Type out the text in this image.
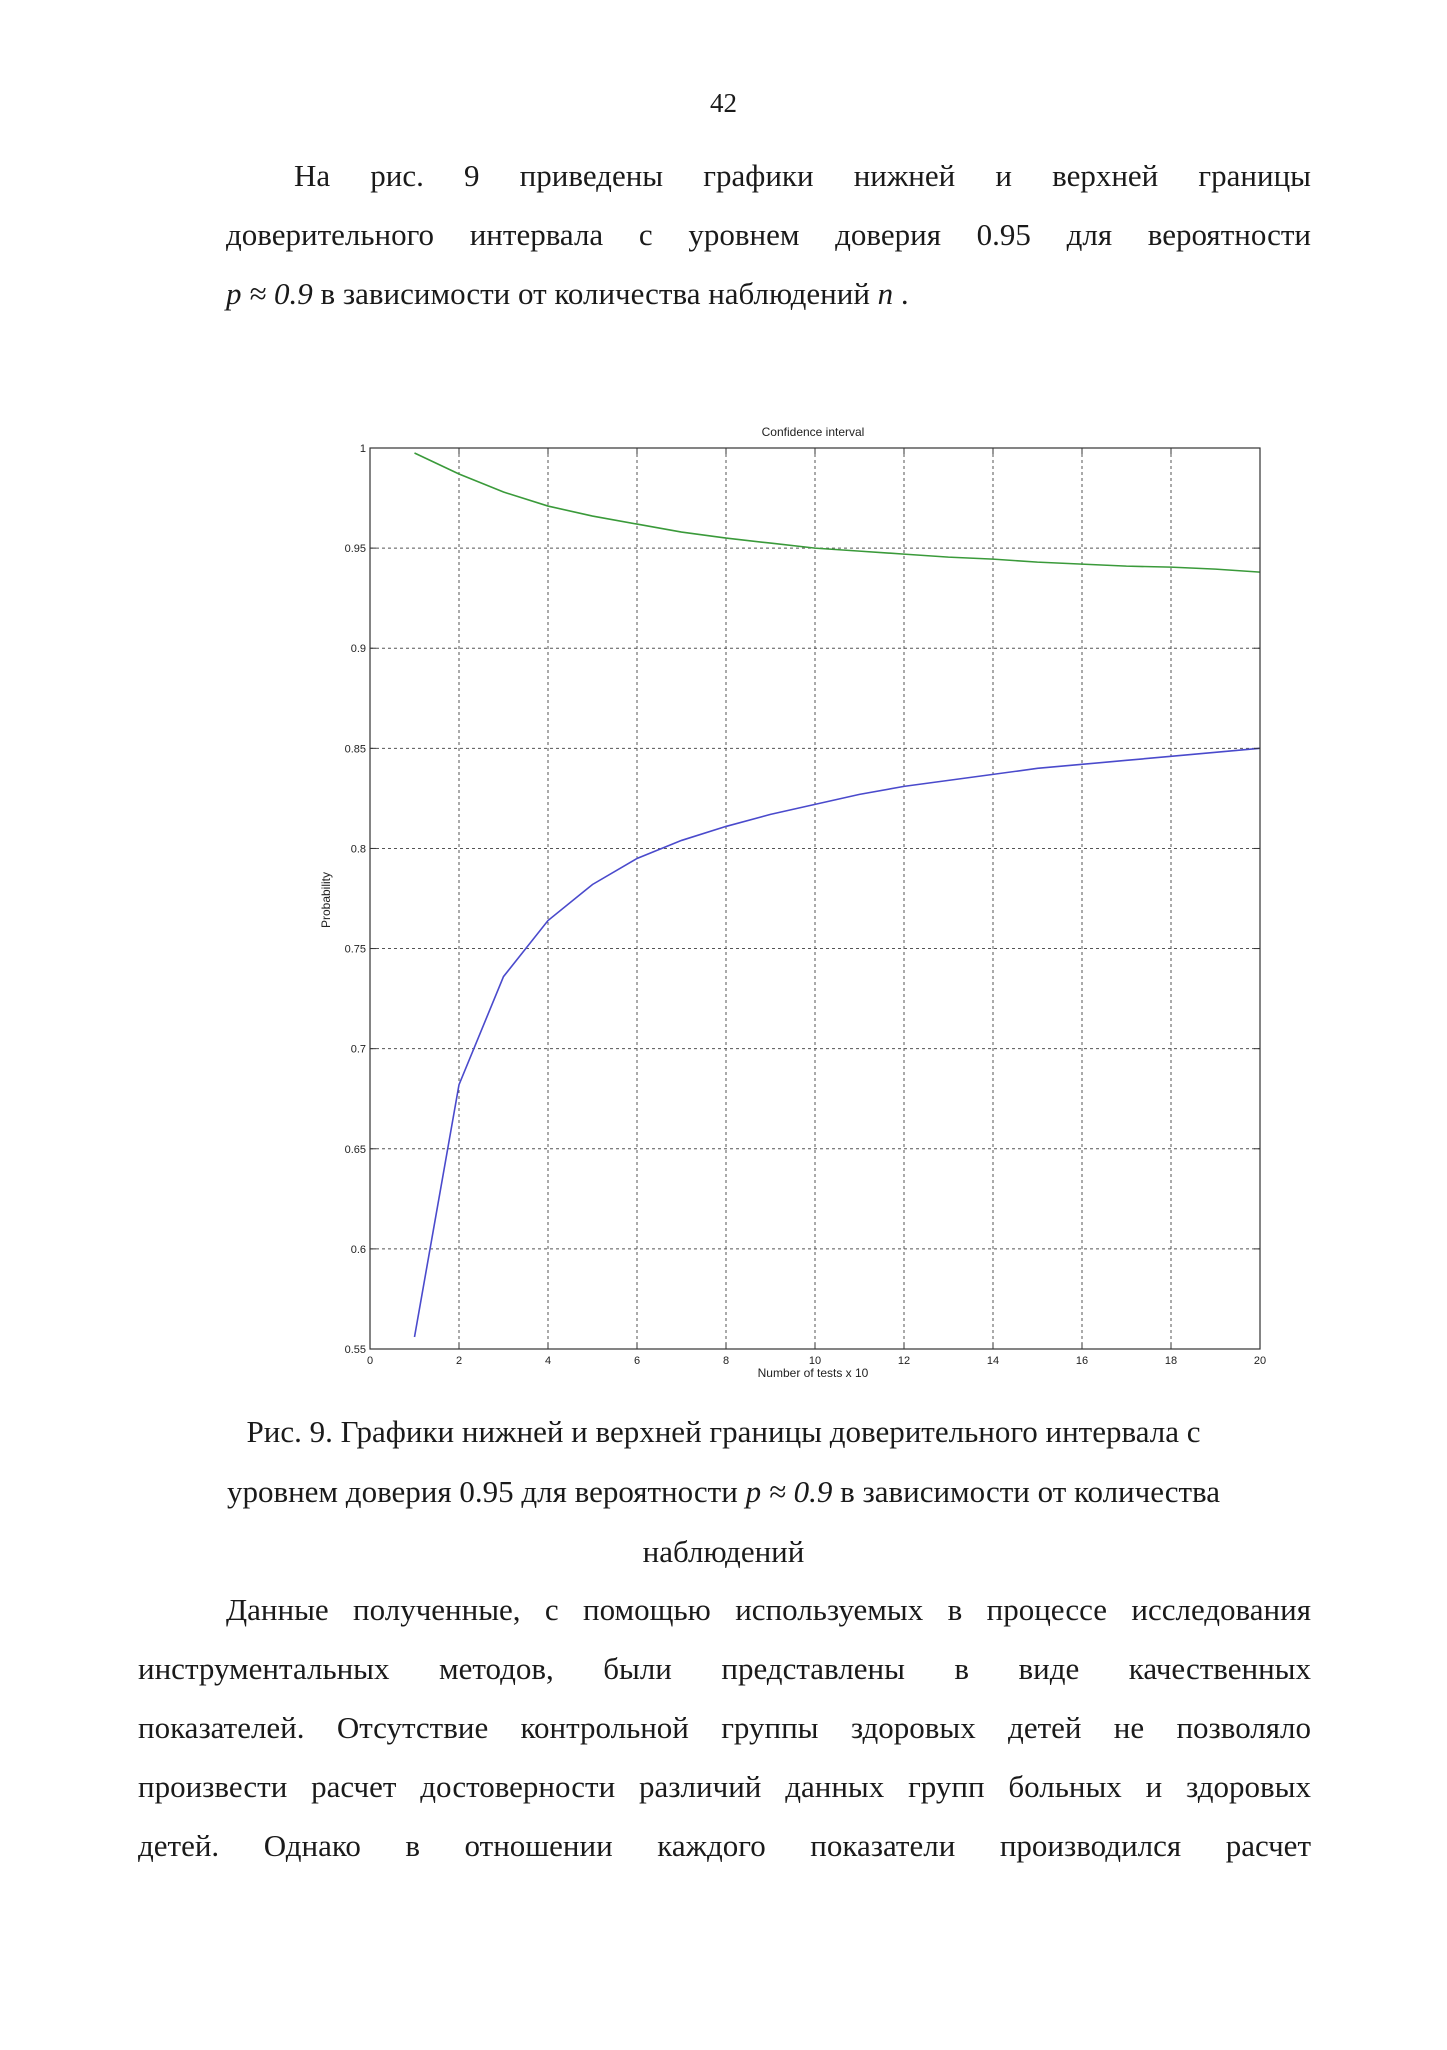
42
На рис. 9 приведены графики нижней и верхней границы
доверительного интервала с уровнем доверия 0.95 для вероятности
p ≈ 0.9 в зависимости от количества наблюдений n .
Confidence interval
Probability
Number of tests x 10
0	2	4	6	8	10	12	14	16	18	20
0.55
0.6
0.65
0.7
0.75
0.8
0.85
0.9
0.95
1
Рис. 9. Графики нижней и верхней границы доверительного интервала с
уровнем доверия 0.95 для вероятности p ≈ 0.9 в зависимости от количества
наблюдений
Данные полученные, с помощью используемых в процессе исследования
инструментальных методов, были представлены в виде качественных
показателей. Отсутствие контрольной группы здоровых детей не позволяло
произвести расчет достоверности различий данных групп больных и здоровых
детей. Однако в отношении каждого показатели производился расчет
